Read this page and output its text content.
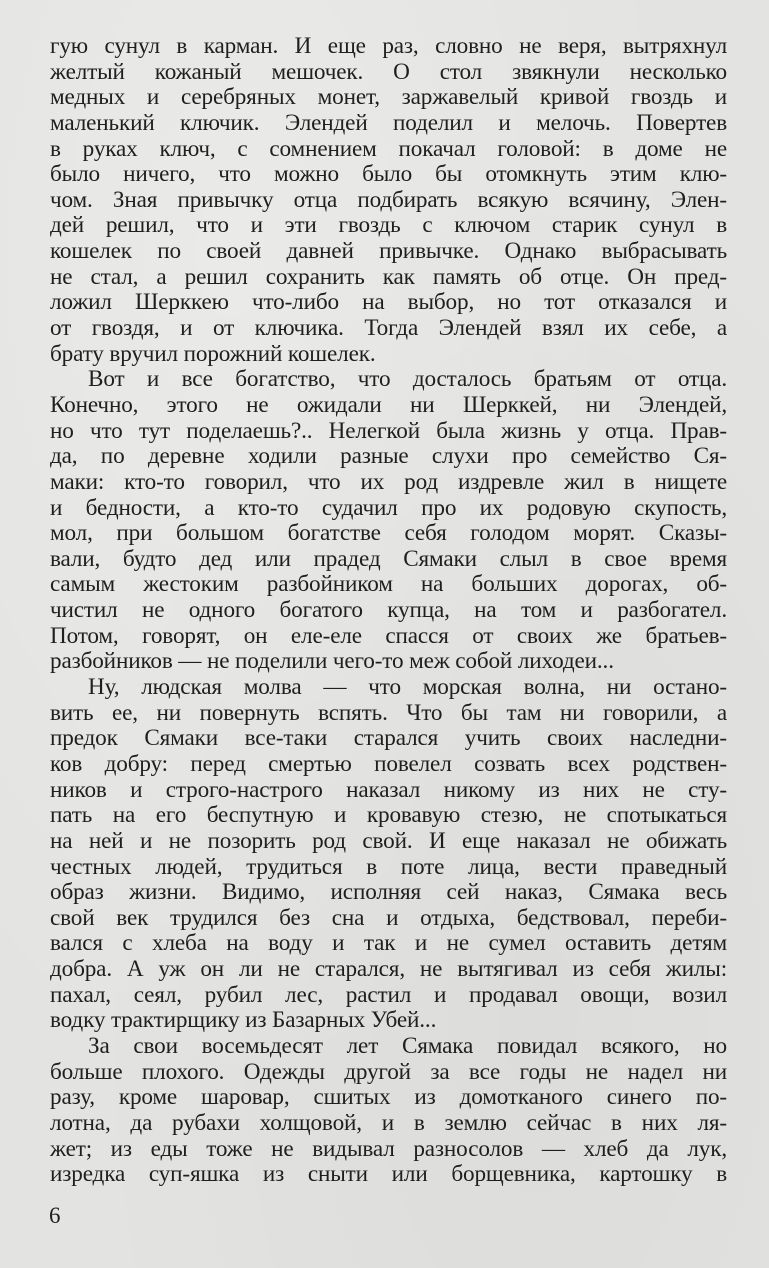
гую сунул в карман. И еще раз, словно не веря, вытряхнул
желтый кожаный мешочек. О стол звякнули несколько
медных и серебряных монет, заржавелый кривой гвоздь и
маленький ключик. Элендей поделил и мелочь. Повертев
в руках ключ, с сомнением покачал головой: в доме не
было ничего, что можно было бы отомкнуть этим клю-
чом. Зная привычку отца подбирать всякую всячину, Элен-
дей решил, что и эти гвоздь с ключом старик сунул в
кошелек по своей давней привычке. Однако выбрасывать
не стал, а решил сохранить как память об отце. Он пред-
ложил Шерккею что-либо на выбор, но тот отказался и
от гвоздя, и от ключика. Тогда Элендей взял их себе, а
брату вручил порожний кошелек.
Вот и все богатство, что досталось братьям от отца.
Конечно, этого не ожидали ни Шерккей, ни Элендей,
но что тут поделаешь?.. Нелегкой была жизнь у отца. Прав-
да, по деревне ходили разные слухи про семейство Ся-
маки: кто-то говорил, что их род издревле жил в нищете
и бедности, а кто-то судачил про их родовую скупость,
мол, при большом богатстве себя голодом морят. Сказы-
вали, будто дед или прадед Сямаки слыл в свое время
самым жестоким разбойником на больших дорогах, об-
чистил не одного богатого купца, на том и разбогател.
Потом, говорят, он еле-еле спасся от своих же братьев-
разбойников — не поделили чего-то меж собой лиходеи...
Ну, людская молва — что морская волна, ни остано-
вить ее, ни повернуть вспять. Что бы там ни говорили, а
предок Сямаки все-таки старался учить своих наследни-
ков добру: перед смертью повелел созвать всех родствен-
ников и строго-настрого наказал никому из них не сту-
пать на его беспутную и кровавую стезю, не спотыкаться
на ней и не позорить род свой. И еще наказал не обижать
честных людей, трудиться в поте лица, вести праведный
образ жизни. Видимо, исполняя сей наказ, Сямака весь
свой век трудился без сна и отдыха, бедствовал, переби-
вался с хлеба на воду и так и не сумел оставить детям
добра. А уж он ли не старался, не вытягивал из себя жилы:
пахал, сеял, рубил лес, растил и продавал овощи, возил
водку трактирщику из Базарных Убей...
За свои восемьдесят лет Сямака повидал всякого, но
больше плохого. Одежды другой за все годы не надел ни
разу, кроме шаровар, сшитых из домотканого синего по-
лотна, да рубахи холщовой, и в землю сейчас в них ля-
жет; из еды тоже не видывал разносолов — хлеб да лук,
изредка суп-яшка из сныти или борщевника, картошку в
6
